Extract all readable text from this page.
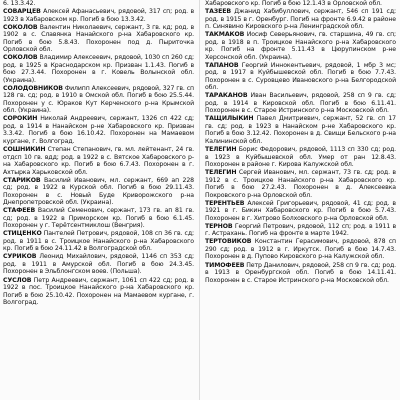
6. 13.3.42.
СОВАРЦЕВ Алексей Афанасьевич, рядовой, 317 сп; род. в 1923 в Хабаровском кр. Погиб в бою 13.3.42.
СОКОЛОВ Валентин Николаевич, сержант, 3 гв. кд; род. в 1902 в с. Славянка Нанайского р-на Хабаровского кр. Погиб в бою 5.8.43. Похоронен под д. Пыриточка Орловской обл.
СОКОЛОВ Владимир Алексеевич, рядовой, 1030 сп 260 сд; род. в 1925 в Краснодарском кр. Призван 1.1.43. Погиб в бою 27.3.44. Похоронен в г. Ковель Волынской обл. (Украина).
СОЛОДОВНИКОВ Филипп Алексеевич, рядовой, 327 гв. сп 128 гв. сд; род. в 1910 в Омской обл. Погиб в бою 25.5.44. Похоронен у с. Юраков Кут Керченского р-на Крымской обл. (Украина).
СОРОКИН Николай Андреевич, сержант, 1326 сп 422 сд; род. в 1914 в Нанайском р-не Хабаровского кр. Призван 3.3.42. Погиб в бою 16.10.42. Похоронен на Мамаевом кургане, г. Волгоград.
СОШНИКИН Степан Степанович, гв. мл. лейтенант, 24 гв. отдсп 10 гв. вдд; род. в 1922 в с. Вятское Хабаровского р-на Хабаровского кр. Погиб в бою 6.7.43. Похоронен в г. Ахтырка Харьковской обл.
СТАРИКОВ Василий Иванович, мл. сержант, 669 ап 228 сд; род. в 1922 в Курской обл. Погиб в бою 29.11.43. Похоронен в с. Новый Буде Криворожского р-на Днепропетровской обл. (Украина).
СТАФЕЕВ Василий Семенович, сержант, 173 гв. ап 81 гв. сд; род. в 1922 в Приморском кр. Погиб в бою 6.1.45. Похоронен у г. Терётсентмиклош (Венгрия).
СТИЦЕНКО Пантелей Петрович, рядовой, 108 сп 36 гв. сд; род. в 1911 в с. Троицкое Нанайского р-на Хабаровского кр. Погиб в бою 24.11.42 в Волгоградской обл.
СУРИКОВ Леонид Михайлович, рядовой, 1146 сп 353 сд; род. в 1911 в Амурской обл. Погиб в бою 24.3.45. Похоронен в Эльблонгском воев. (Польша).
СУСЛОВ Петр Андреевич, сержант, 1061 сп 422 сд; род. в 1922 в пос. Троицкое Нанайского р-на Хабаровского кр. Погиб в бою 25.10.42. Похоронен на Мамаевом кургане, г. Волгоград.
Хабаровского кр. Погиб в бою 12.1.43 в Орловской обл.
ТАЗЕЕВ Джанид Хабибуллович, сержант, 546 сп 191 сд; род. в 1915 в г. Оренбург. Погиб на фронте 6.9.42 в районе п. Синявино Кировского р-на Ленинградской обл.
ТАКМАКОВ Иосиф Северьянович, гв. старшина, 49 гв. сп; род. в 1918 в п. Троицкое Нанайского р-на Хабаровского кр. Погиб на фронте 5.11.43 в Цюрупинском р-не Херсонской обл. (Украина).
ТАПАНОВ Георгий Иннокентьевич, рядовой, 1 мбр 3 мс; род. в 1917 в Куйбышевской обл. Погиб в бою 7.7.43. Похоронен в с. Суровцево Ивановского р-на Белгородской обл.
ТАРАКАНОВ Иван Васильевич, рядовой, 258 сп 9 гв. сд; род. в 1914 в Кировской обл. Погиб в бою 6.11.41. Похоронен в с. Старое Истринского р-на Московской обл.
ТАЩИЛЫКИН Павел Дмитриевич, сержант, 52 гв. сп 17 гв. сд; род. в 1923 в Нанайском р-не Хабаровского кр. Погиб в бою 3.12.42. Похоронен в д. Свищи Бельского р-на Калининской обл.
ТЕЛЕГИН Борис Федорович, рядовой, 1113 сп 330 сд; род. в 1923 в Куйбышевской обл. Умер от ран 12.8.43. Похоронен в районе г. Кирова Калужской обл.
ТЕЛЕГИН Сергей Иванович, мл. сержант, 73 гв. сд; род. в 1912 в с. Троицкое Нанайского р-на Хабаровского кр. Погиб в бою 27.2.43. Похоронен в д. Алексеевка Покровского р-на Орловской обл.
ТЕРЕНТЬЕВ Алексей Григорьевич, рядовой, 41 сд; род. в 1921 в г. Бикин Хабаровского кр. Погиб в бою 5.7.43. Похоронен в г. Хитрово Болховского р-на Орловской обл.
ТЕРНОВ Георгий Петрович, рядовой, 112 сп; род. в 1911 в г. Астрахань. Погиб на фронте в марте 1942.
ТЕРТОВИКОВ Константин Герасимович, рядовой, 878 сп 290 сд; род. в 1912 в г. Иркутск. Погиб в бою 14.7.43. Похоронен в д. Пупово Кировского р-на Калужской обл.
ТИМОФЕЕВ Петр Данилович, рядовой, 258 сп 9 гв. сд; род. в 1913 в Оренбургской обл. Погиб в бою 14.11.41. Похоронен в с. Старое Истринского р-на Московской обл.
